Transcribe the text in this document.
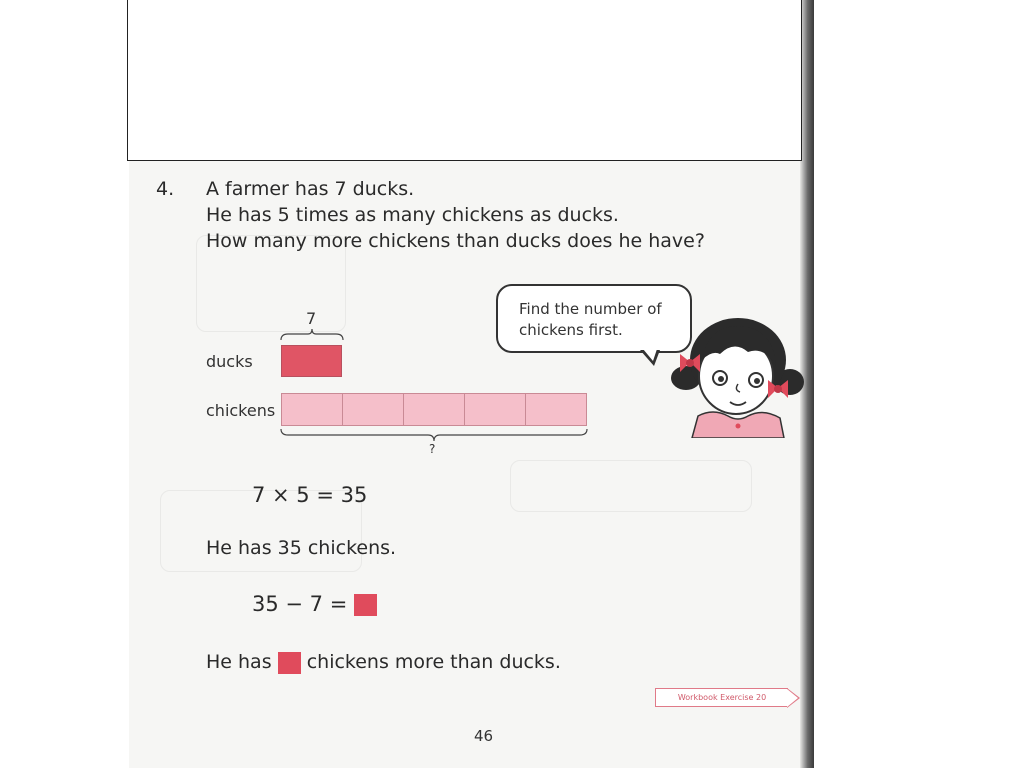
4. A farmer has 7 ducks.
He has 5 times as many chickens as ducks.
How many more chickens than ducks does he have?
Find the number of
chickens first.
7
ducks
chickens
?
7 × 5 = 35
He has 35 chickens.
35 − 7 =
He has chickens more than ducks.
Workbook Exercise 20
46
